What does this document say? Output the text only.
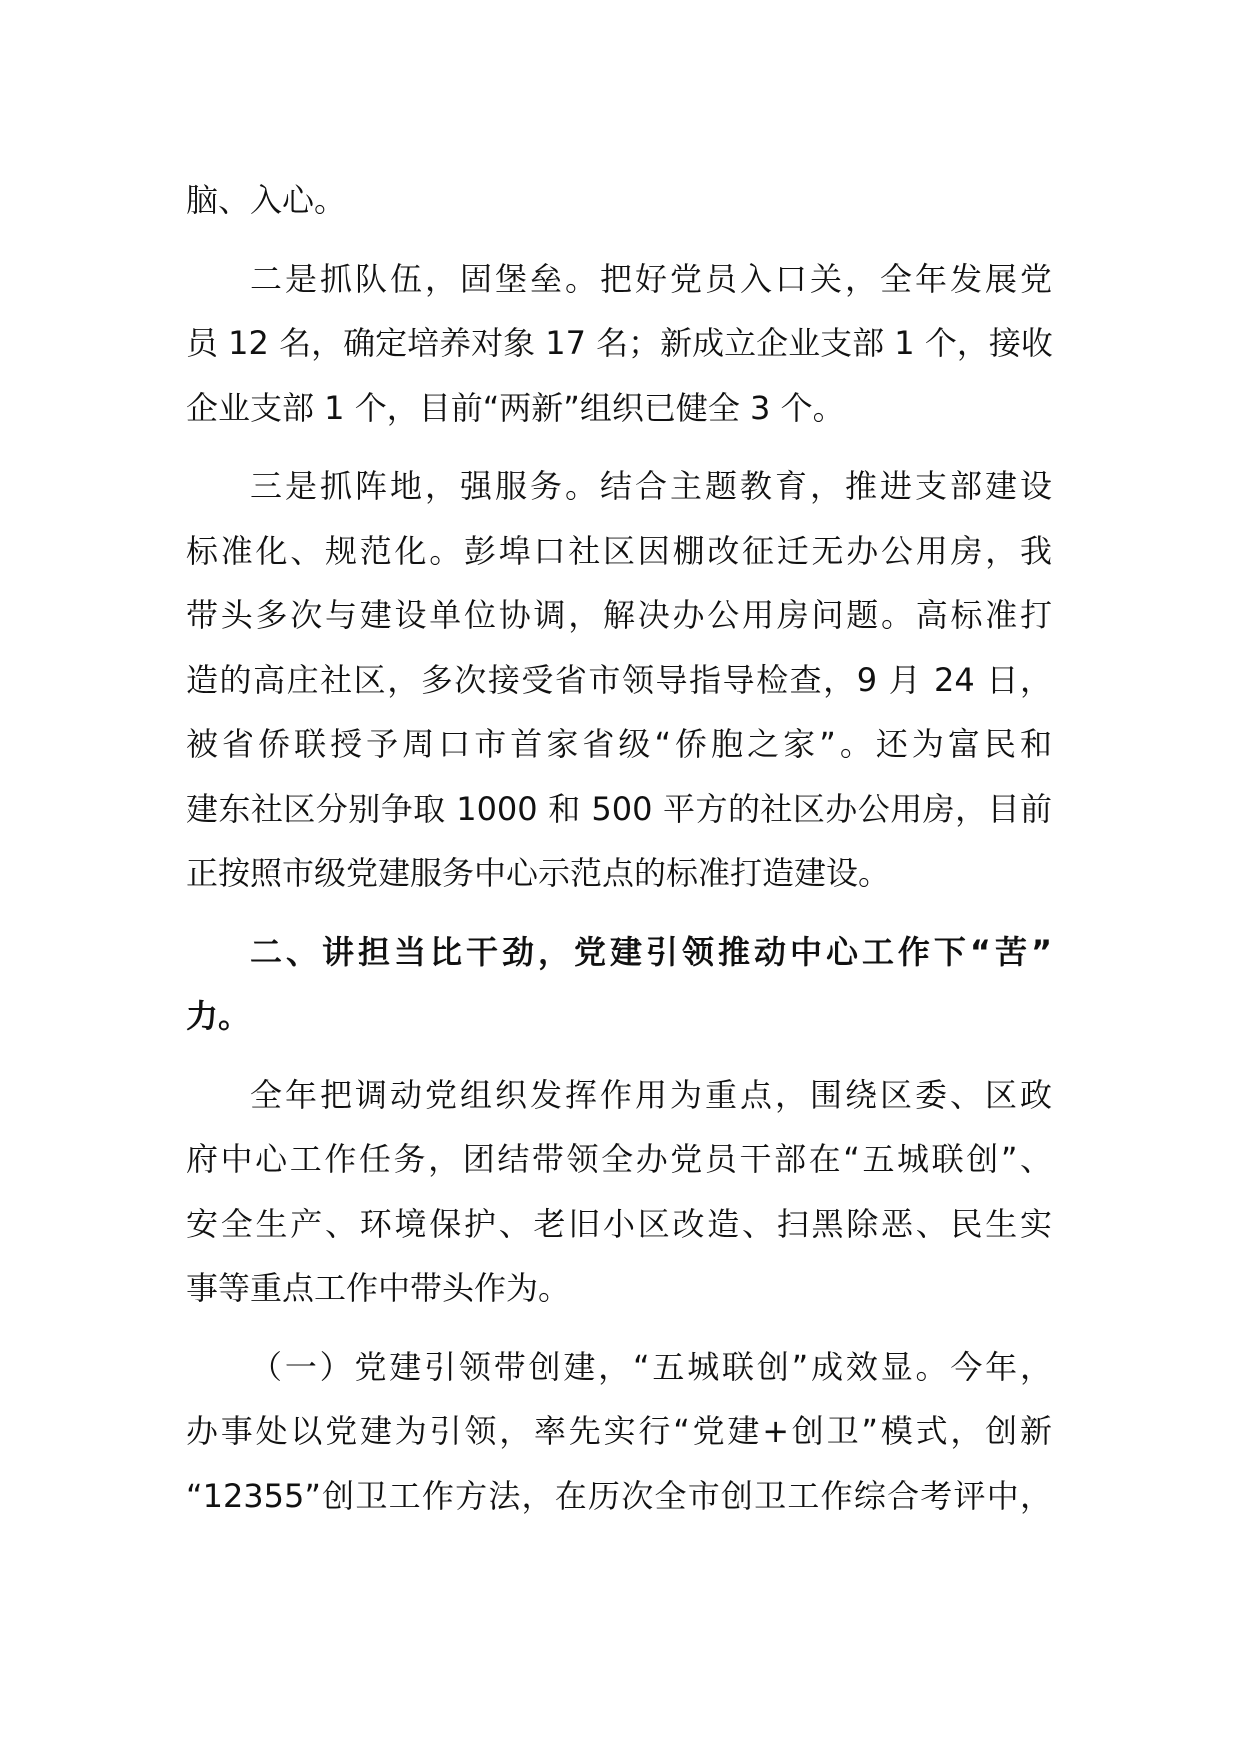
脑、入心。
二是抓队伍，固堡垒。把好党员入口关，全年发展党
员 12 名，确定培养对象 17 名；新成立企业支部 1 个，接收
企业支部 1 个，目前“两新”组织已健全 3 个。
三是抓阵地，强服务。结合主题教育，推进支部建设
标准化、规范化。彭埠口社区因棚改征迁无办公用房，我
带头多次与建设单位协调，解决办公用房问题。高标准打
造的高庄社区，多次接受省市领导指导检查，9 月 24 日，
被省侨联授予周口市首家省级“侨胞之家”。还为富民和
建东社区分别争取 1000 和 500 平方的社区办公用房，目前
正按照市级党建服务中心示范点的标准打造建设。
二、讲担当比干劲，党建引领推动中心工作下“苦”
力。
全年把调动党组织发挥作用为重点，围绕区委、区政
府中心工作任务，团结带领全办党员干部在“五城联创”、
安全生产、环境保护、老旧小区改造、扫黑除恶、民生实
事等重点工作中带头作为。
（一）党建引领带创建，“五城联创”成效显。今年，
办事处以党建为引领，率先实行“党建+创卫”模式，创新
“12355”创卫工作方法，在历次全市创卫工作综合考评中，
